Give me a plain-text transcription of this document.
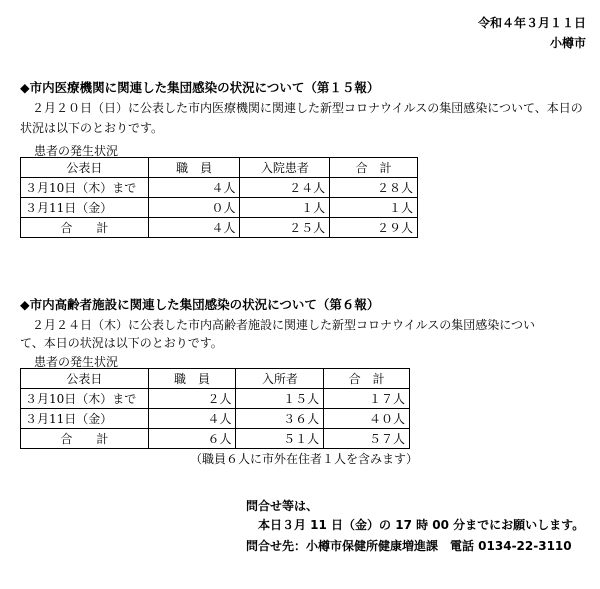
令和４年３月１１日
小樽市
◆市内医療機関に関連した集団感染の状況について（第１５報）
　２月２０日（日）に公表した市内医療機関に関連した新型コロナウイルスの集団感染について、本日の状況は以下のとおりです。
患者の発生状況
公表日	職　員	入院患者	合　計
３月10日（木）まで	４人	２４人	２８人
３月11日（金）	０人	１人	１人
合　　計	４人	２５人	２９人
◆市内高齢者施設に関連した集団感染の状況について（第６報）
　２月２４日（木）に公表した市内高齢者施設に関連した新型コロナウイルスの集団感染につい
て、本日の状況は以下のとおりです。
患者の発生状況
公表日	職　員	入所者	合　計
３月10日（木）まで	２人	１５人	１７人
３月11日（金）	４人	３６人	４０人
合　　計	６人	５１人	５７人
（職員６人に市外在住者１人を含みます）
問合せ等は、
本日３月 11 日（金）の 17 時 00 分までにお願いします。
問合せ先：小樽市保健所健康増進課　電話 0134-22-3110
